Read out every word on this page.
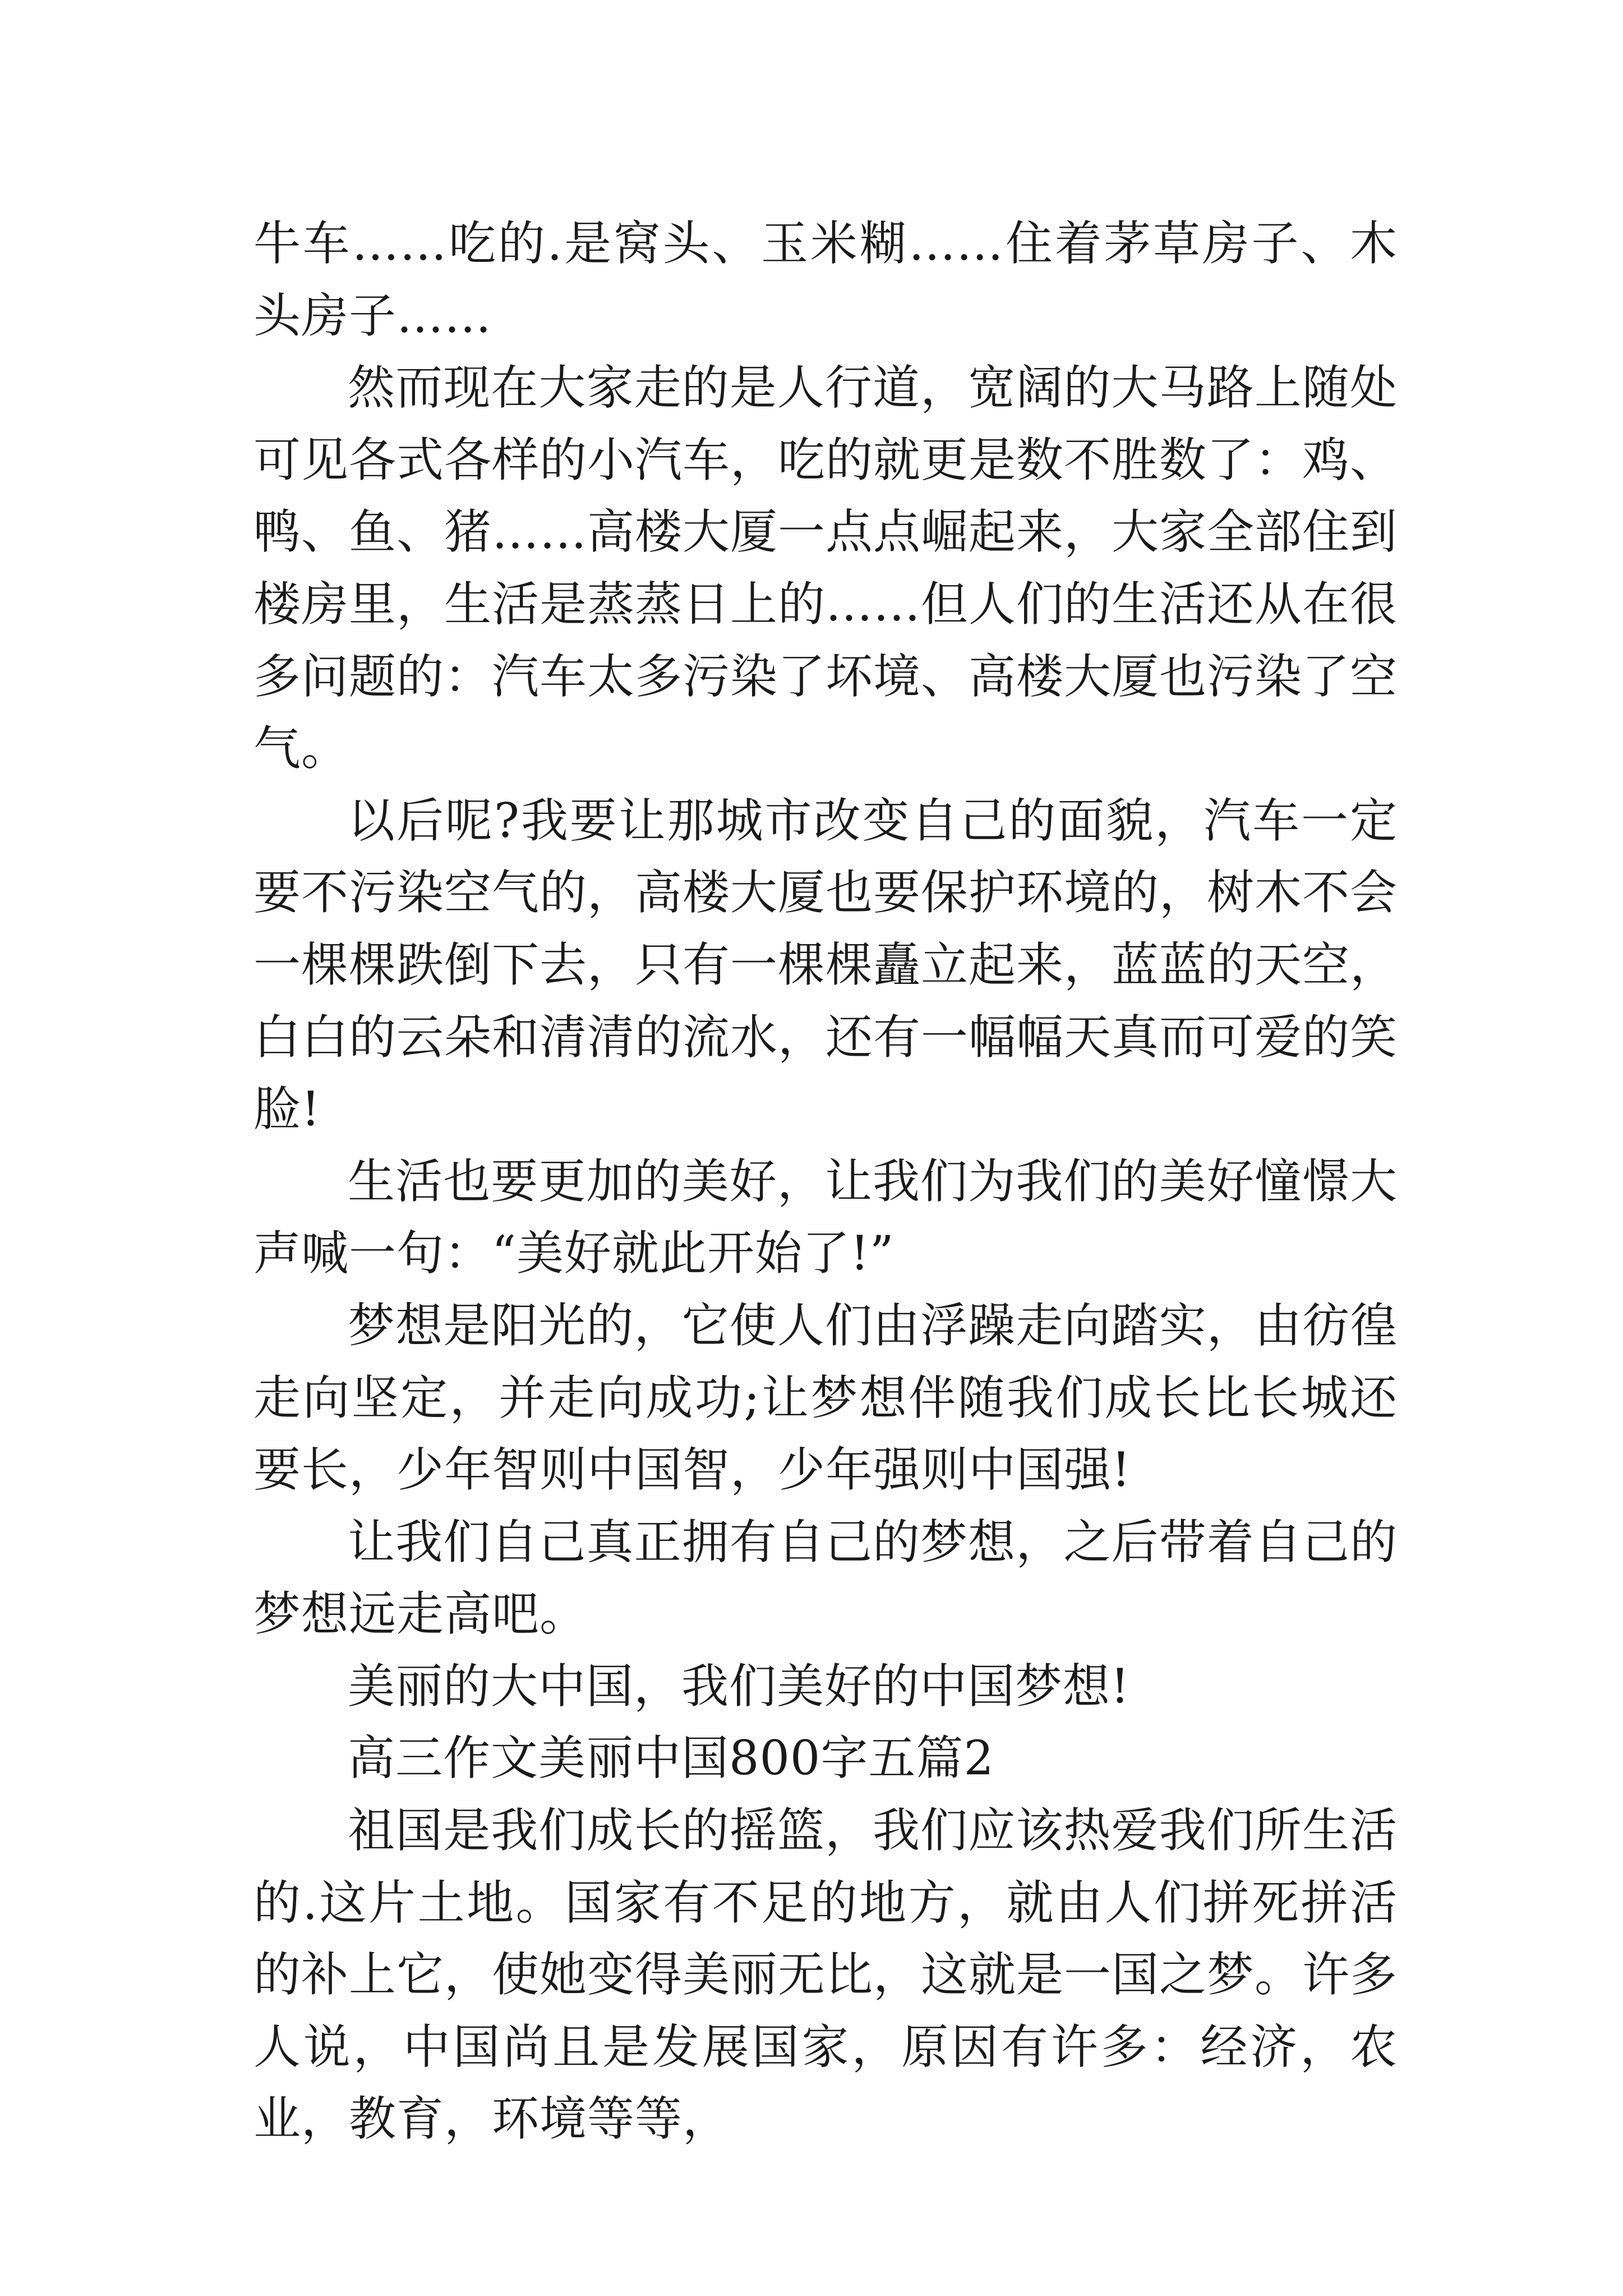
牛车……吃的.是窝头、玉米糊……住着茅草房子、木头房子……

然而现在大家走的是人行道，宽阔的大马路上随处可见各式各样的小汽车，吃的就更是数不胜数了：鸡、鸭、鱼、猪……高楼大厦一点点崛起来，大家全部住到楼房里，生活是蒸蒸日上的……但人们的生活还从在很多问题的：汽车太多污染了坏境、高楼大厦也污染了空气。

以后呢?我要让那城市改变自己的面貌，汽车一定要不污染空气的，高楼大厦也要保护环境的，树木不会一棵棵跌倒下去，只有一棵棵矗立起来，蓝蓝的天空，白白的云朵和清清的流水，还有一幅幅天真而可爱的笑脸!

生活也要更加的美好，让我们为我们的美好憧憬大声喊一句：“美好就此开始了!”

梦想是阳光的，它使人们由浮躁走向踏实，由彷徨走向坚定，并走向成功;让梦想伴随我们成长比长城还要长，少年智则中国智，少年强则中国强!

让我们自己真正拥有自己的梦想，之后带着自己的梦想远走高吧。

美丽的大中国，我们美好的中国梦想!

高三作文美丽中国800字五篇2

祖国是我们成长的摇篮，我们应该热爱我们所生活的.这片土地。国家有不足的地方，就由人们拼死拼活的补上它，使她变得美丽无比，这就是一国之梦。许多人说，中国尚且是发展国家，原因有许多：经济，农业，教育，环境等等，
